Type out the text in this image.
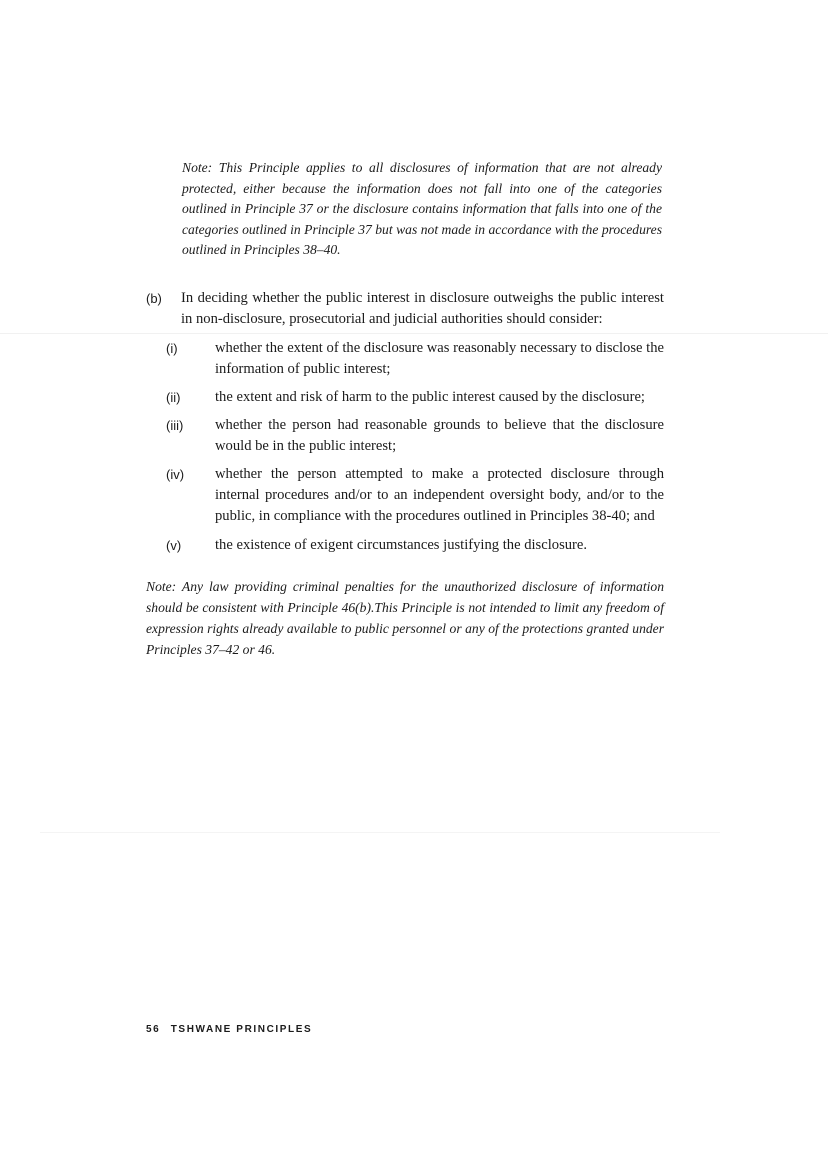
Note: This Principle applies to all disclosures of information that are not already protected, either because the information does not fall into one of the categories outlined in Principle 37 or the disclosure contains information that falls into one of the categories outlined in Principle 37 but was not made in accordance with the procedures outlined in Principles 38–40.

(b) In deciding whether the public interest in disclosure outweighs the public interest in non-disclosure, prosecutorial and judicial authorities should consider:
(i)	whether the extent of the disclosure was reasonably necessary to disclose the information of public interest;
(ii) the extent and risk of harm to the public interest caused by the disclosure;
(iii) whether the person had reasonable grounds to believe that the disclosure would be in the public interest;
(iv) whether the person attempted to make a protected disclosure through internal procedures and/or to an independent oversight body, and/or to the public, in compliance with the procedures outlined in Principles 38-40; and
(v) the existence of exigent circumstances justifying the disclosure.

Note: Any law providing criminal penalties for the unauthorized disclosure of information should be consistent with Principle 46(b).This Principle is not intended to limit any freedom of expression rights already available to public personnel or any of the protections granted under Principles 37–42 or 46.

56 TSHWANE PRINCIPLES
